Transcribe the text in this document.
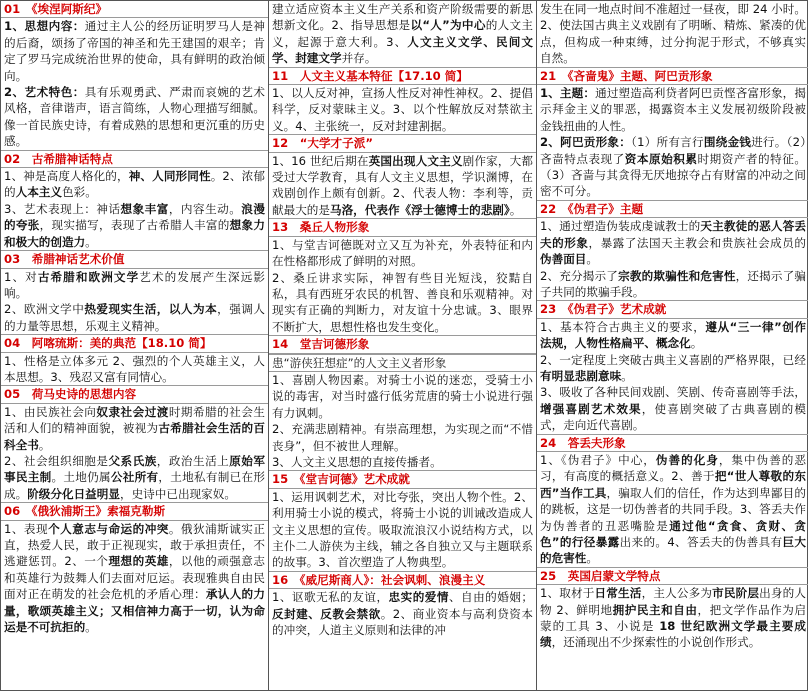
01　《埃涅阿斯纪》
1、思想内容：通过主人公的经历证明罗马人是神的后裔，颂扬了帝国的神圣和先王建国的艰辛；肯定了罗马完成统治世界的使命，具有鲜明的政治倾向。
2、艺术特色：具有乐观勇武、严肃而哀婉的艺术风格，音律谐声，语言简练，人物心理描写细腻。像一首民族史诗，有着成熟的思想和更沉重的历史感。
02　古希腊神话特点
1、神是高度人格化的，神、人同形同性。2、浓郁的人本主义色彩。
3、艺术表现上：神话想象丰富，内容生动。浪漫的夸张，现实描写，表现了古希腊人丰富的想象力和极大的创造力。
03　希腊神话艺术价值
1、对古希腊和欧洲文学艺术的发展产生深远影响。
2、欧洲文学中热爱现实生活，以人为本，强调人的力量等思想，乐观主义精神。
04　阿喀琉斯：美的典范【18.10 简】
1、性格是立体多元 2、强烈的个人英雄主义，人本思想。3、残忍又富有同情心。
05　荷马史诗的思想内容
1、由民族社会向奴隶社会过渡时期希腊的社会生活和人们的精神面貌，被视为古希腊社会生活的百科全书。
2、社会组织细胞是父系氏族，政治生活上原始军事民主制。土地仍属公社所有，土地私有制已在形成。阶级分化日益明显，史诗中已出现家奴。
06　《俄狄浦斯王》索福克勒斯
1、表现个人意志与命运的冲突。俄狄浦斯诚实正直，热爱人民，敢于正视现实，敢于承担责任，不逃避惩罚。2、一个理想的英雄，以他的顽强意志和英雄行为鼓舞人们去面对厄运。表现雅典自由民面对正在萌发的社会危机的矛盾心理：承认人的力量，歌颂英雄主义；又相信神力高于一切，认为命运是不可抗拒的。
建立适应资本主义生产关系和资产阶级需要的新思想新文化。2、指导思想是以“人”为中心的人文主义，起源于意大利。3、人文主义文学、民间文学、封建文学并存。
11　人文主义基本特征【17.10 简】
1、以人反对神，宣扬人性反对神性神权。2、提倡科学，反对蒙昧主义。3、以个性解放反对禁欲主义。4、主张统一，反对封建割据。
12　“大学才子派”
1、16 世纪后期在英国出现人文主义剧作家，大都受过大学教育，具有人文主义思想，学识渊博，在戏剧创作上颇有创新。2、代表人物：李利等，贡献最大的是马洛，代表作《浮士德博士的悲剧》。
13　桑丘人物形象
1、与堂吉诃德既对立又互为补充，外表特征和内在性格都形成了鲜明的对照。
2、桑丘讲求实际，神智有些目光短浅，狡黠自私，具有西班牙农民的机智、善良和乐观精神。对现实有正确的判断力，对友谊十分忠诚。3、眼界不断扩大，思想性格也发生变化。
14　堂吉诃德形象
患“游侠狂想症”的人文主义者形象
1、喜剧人物因素。对骑士小说的迷恋，受骑士小说的毒害，对当时盛行低劣荒唐的骑士小说进行强有力讽刺。
2、充满悲剧精神。有崇高理想，为实现之而“不惜丧身”，但不被世人理解。
3、人文主义思想的直接传播者。
15　《堂吉诃德》艺术成就
1、运用讽刺艺术，对比夸张，突出人物个性。2、利用骑士小说的模式，将骑士小说的训诫改造成人文主义思想的宣传。吸取流浪汉小说结构方式，以主仆二人游侠为主线，辅之各自独立又与主题联系的故事。3、首次塑造了人物典型。
16　《威尼斯商人》：社会讽刺、浪漫主义
1、讴歌无私的友谊，忠实的爱情、自由的婚姻；反封建、反教会禁欲。2、商业资本与高利贷资本的冲突，人道主义原则和法律的冲
发生在同一地点时间不准超过一昼夜，即 24 小时。2、使法国古典主义戏剧有了明晰、精炼、紧凑的优点，但构成一种束缚，过分拘泥于形式，不够真实自然。
21　《吝啬鬼》主题、阿巴贡形象
1、主题：通过塑造高利贷者阿巴贡悭吝富形象，揭示拜金主义的罪恶，揭露资本主义发展初级阶段被金钱扭曲的人性。
2、阿巴贡形象：（1）所有言行围绕金钱进行。（2）吝啬特点表现了资本原始积累时期资产者的特征。（3）吝啬与其贪得无厌地掠夺占有财富的冲动之间密不可分。
22　《伪君子》主题
1、通过塑造伪装成虔诚教士的天主教徒的恶人答丢夫的形象，暴露了法国天主教会和贵族社会成员的伪善面目。
2、充分揭示了宗教的欺骗性和危害性，还揭示了骗子共同的欺骗手段。
23　《伪君子》艺术成就
1、基本符合古典主义的要求，遵从“三一律”创作法规，人物性格扁平、概念化。
2、一定程度上突破古典主义喜剧的严格界限，已经有明显悲剧意味。
3、吸收了各种民间戏剧、笑剧、传奇喜剧等手法，增强喜剧艺术效果，使喜剧突破了古典喜剧的模式，走向近代喜剧。
24　答丢夫形象
1、《伪君子》中心，伪善的化身，集中伪善的恶习，有高度的概括意义。2、善于把“世人尊敬的东西”当作工具，骗取人们的信任，作为达到卑鄙目的的跳板，这是一切伪善者的共同手段。3、答丢夫作为伪善者的丑恶嘴脸是通过他“贪食、贪财、贪色”的行径暴露出来的。4、答丢夫的伪善具有巨大的危害性。
25　英国启蒙文学特点
1、取材于日常生活，主人公多为市民阶层出身的人物 2、鲜明地拥护民主和自由，把文学作品作为启蒙的工具 3、小说是 18 世纪欧洲文学最主要成绩，还涌现出不少探索性的小说创作形式。
